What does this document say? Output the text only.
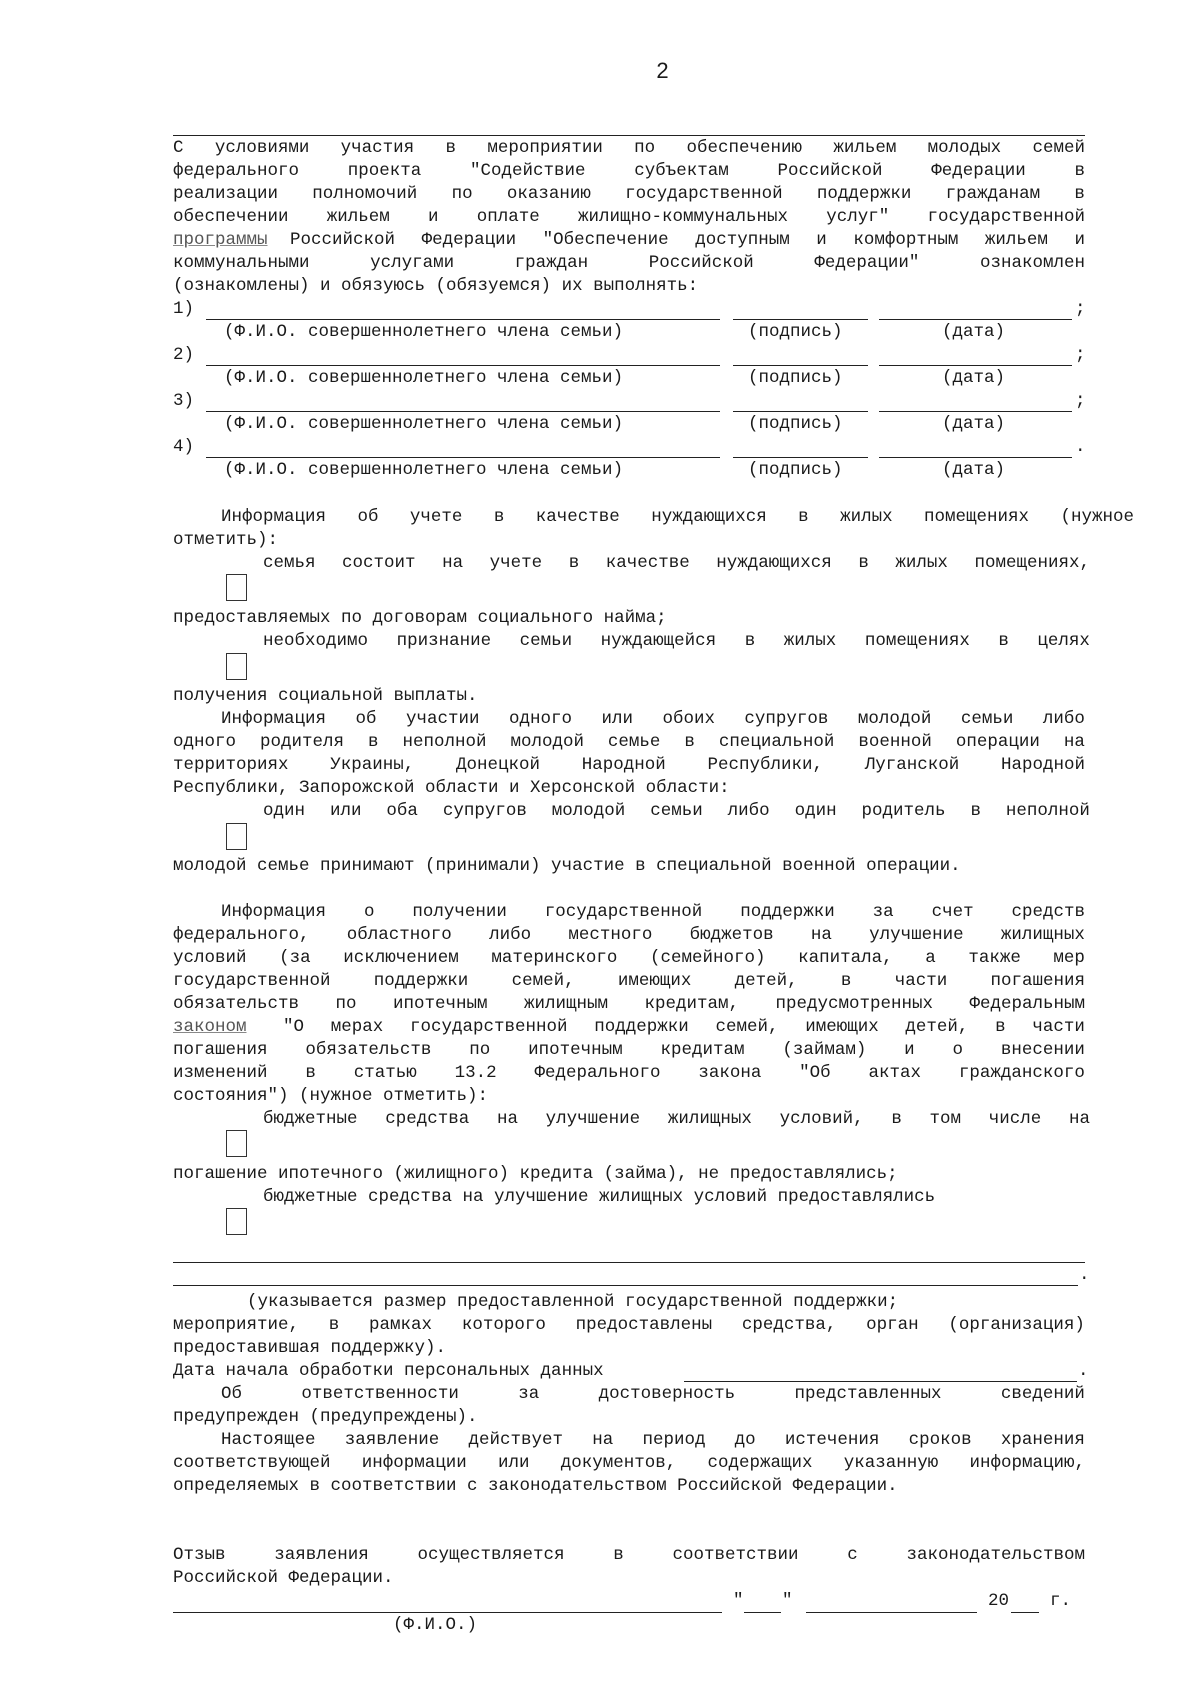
2
С условиями участия в мероприятии по обеспечению жильем молодых семей
федерального	проекта	"Содействие	субъектам	Российской	Федерации	в
реализации полномочий по оказанию государственной поддержки гражданам в
обеспечении жильем и оплате жилищно-коммунальных услуг" государственной
программы Российской Федерации "Обеспечение доступным и комфортным жильем и
коммунальными	услугами	граждан	Российской	Федерации"	ознакомлен
(ознакомлены) и обязуюсь (обязуемся) их выполнять:
1)	;
(Ф.И.О. совершеннолетнего члена семьи)	(подпись)	(дата)
2)	;
(Ф.И.О. совершеннолетнего члена семьи)	(подпись)	(дата)
3)	;
(Ф.И.О. совершеннолетнего члена семьи)	(подпись)	(дата)
4)	.
(Ф.И.О. совершеннолетнего члена семьи)	(подпись)	(дата)
Информация об учете в качестве нуждающихся в жилых помещениях (нужное
отметить):
семья состоит на учете в качестве нуждающихся в жилых помещениях,
предоставляемых по договорам социального найма;
необходимо признание семьи нуждающейся в жилых помещениях в целях
получения социальной выплаты.
Информация об участии одного или обоих супругов молодой семьи либо
одного родителя в неполной молодой семье в специальной военной операции на
территориях Украины, Донецкой Народной Республики, Луганской Народной
Республики, Запорожской области и Херсонской области:
один или оба супругов молодой семьи либо один родитель в неполной
молодой семье принимают (принимали) участие в специальной военной операции.
Информация о получении государственной поддержки за счет средств
федерального, областного либо местного бюджетов на улучшение жилищных
условий (за исключением материнского (семейного) капитала, а также мер
государственной поддержки семей, имеющих детей, в части погашения
обязательств по ипотечным жилищным кредитам, предусмотренных Федеральным
законом "О мерах государственной поддержки семей, имеющих детей, в части
погашения обязательств по ипотечным кредитам (займам) и о внесении
изменений в статью 13.2 Федерального закона "Об актах гражданского
состояния") (нужное отметить):
бюджетные средства на улучшение жилищных условий, в том числе на
погашение ипотечного (жилищного) кредита (займа), не предоставлялись;
бюджетные средства на улучшение жилищных условий предоставлялись
.
(указывается размер предоставленной государственной поддержки;
мероприятие, в рамках которого предоставлены средства, орган (организация)
предоставившая поддержку).
Дата начала обработки персональных данных	.
Об	ответственности	за	достоверность	представленных	сведений
предупрежден (предупреждены).
Настоящее заявление действует на период до истечения сроков хранения
соответствующей информации или документов, содержащих указанную информацию,
определяемых в соответствии с законодательством Российской Федерации.
Отзыв	заявления	осуществляется	в	соответствии	с	законодательством
Российской Федерации.
" "	20 г.
(Ф.И.О.)
